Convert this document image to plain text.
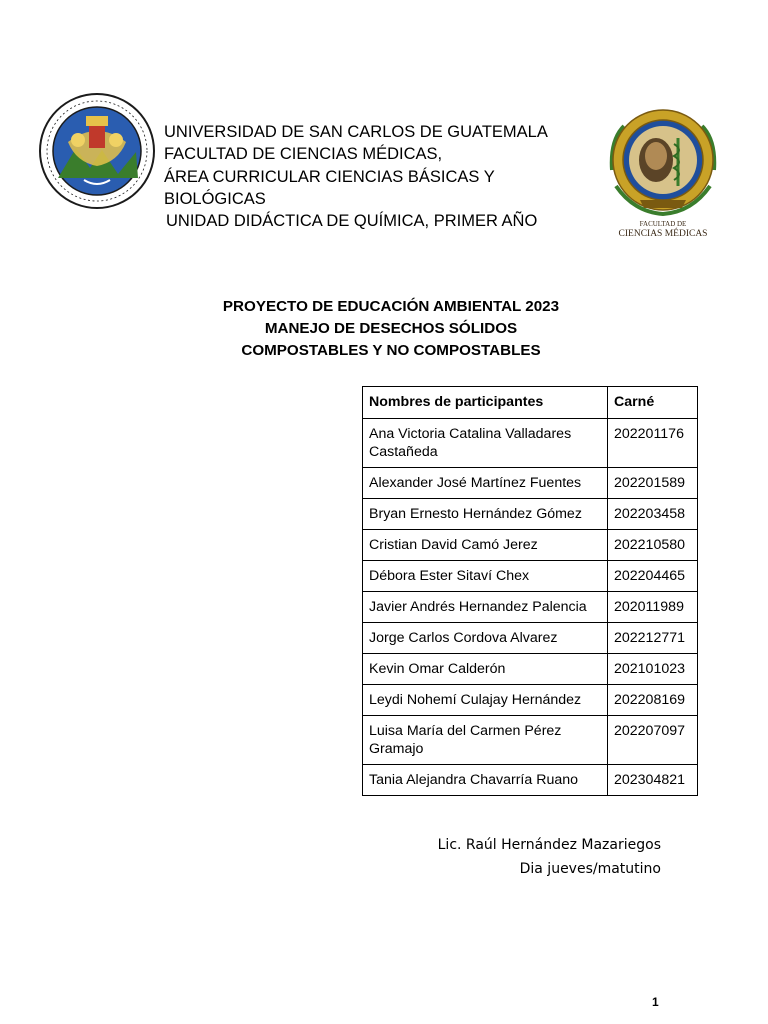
UNIVERSIDAD DE SAN CARLOS DE GUATEMALA
FACULTAD DE CIENCIAS MÉDICAS,
ÁREA CURRICULAR CIENCIAS BÁSICAS Y
BIOLÓGICAS
UNIDAD DIDÁCTICA DE QUÍMICA, PRIMER AÑO	FACULTAD DE
CIENCIAS MÉDICAS
PROYECTO DE EDUCACIÓN AMBIENTAL 2023
MANEJO DE DESECHOS SÓLIDOS
COMPOSTABLES Y NO COMPOSTABLES
Nombres de participantes	Carné
Ana Victoria Catalina Valladares Castañeda	202201176
Alexander José Martínez Fuentes	202201589
Bryan Ernesto Hernández Gómez	202203458
Cristian David Camó Jerez	202210580
Débora Ester Sitaví Chex	202204465
Javier Andrés Hernandez Palencia	202011989
Jorge Carlos Cordova Alvarez	202212771
Kevin Omar Calderón	202101023
Leydi Nohemí Culajay Hernández	202208169
Luisa María del Carmen Pérez Gramajo	202207097
Tania Alejandra Chavarría Ruano	202304821
Lic. Raúl Hernández Mazariegos
Dia jueves/matutino
1
